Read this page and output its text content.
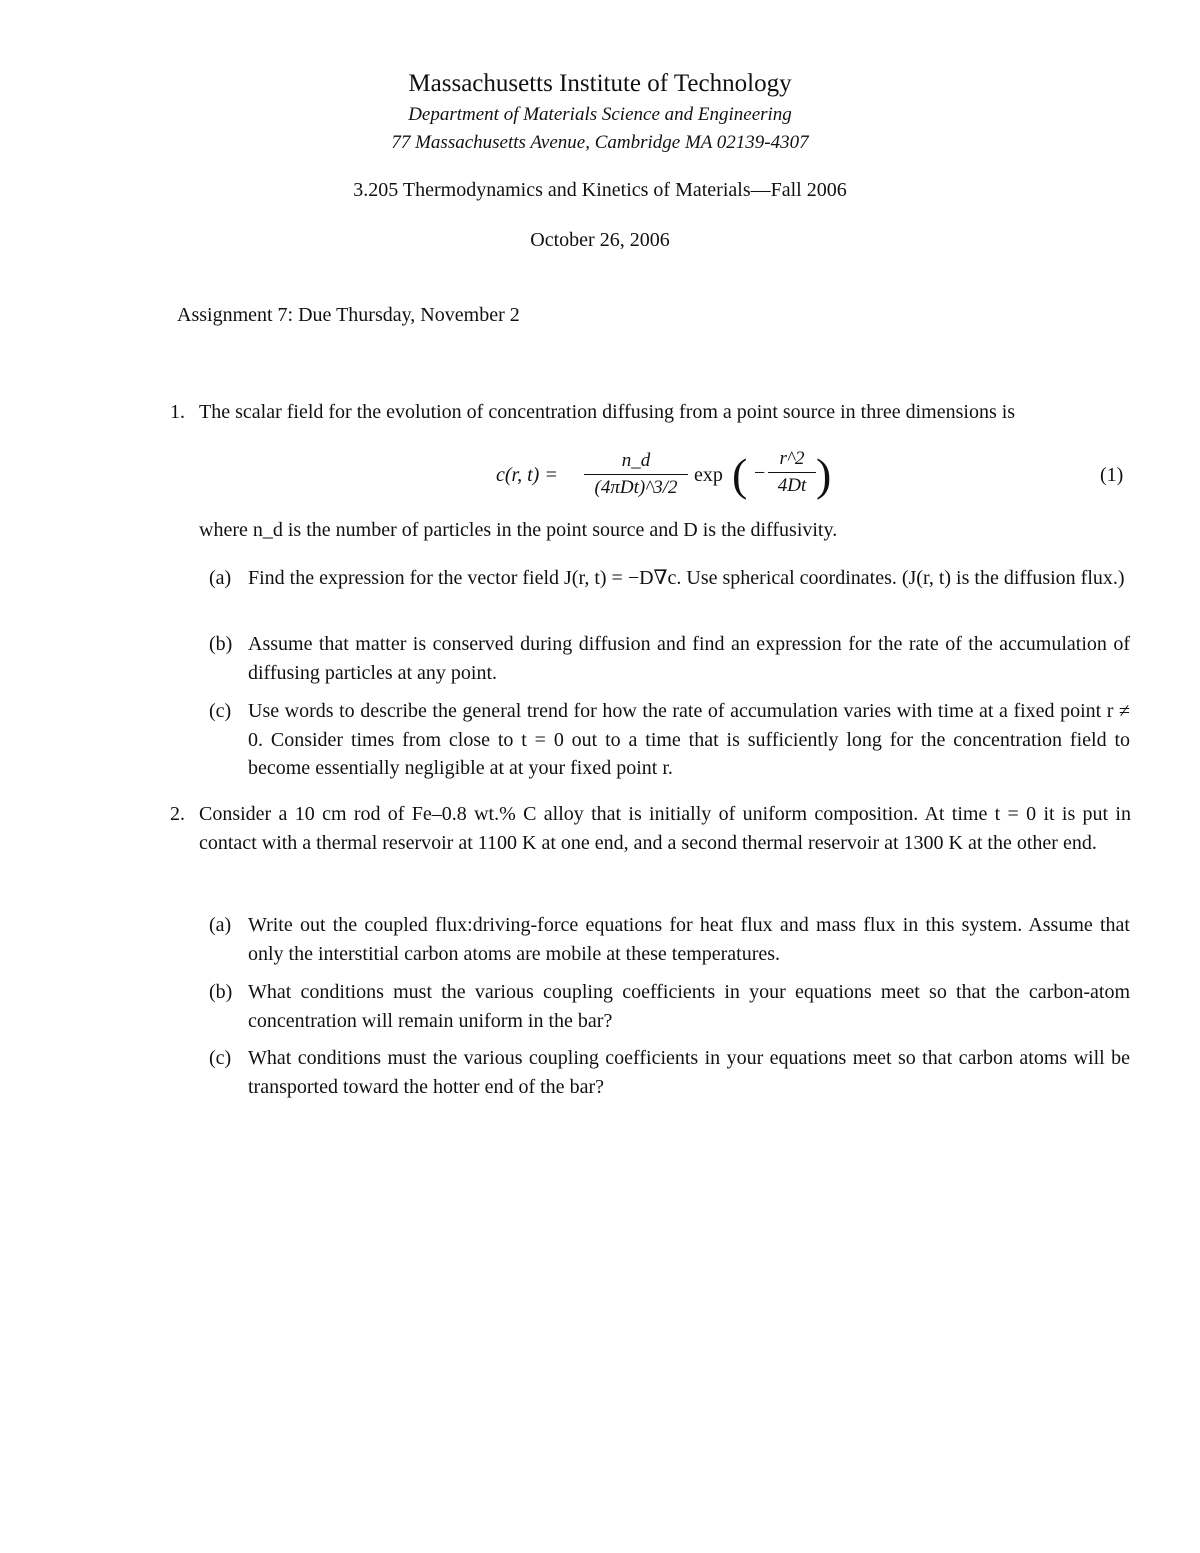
Massachusetts Institute of Technology
Department of Materials Science and Engineering
77 Massachusetts Avenue, Cambridge MA 02139-4307
3.205 Thermodynamics and Kinetics of Materials—Fall 2006
October 26, 2006
Assignment 7: Due Thursday, November 2
1. The scalar field for the evolution of concentration diffusing from a point source in three dimensions is
c(r, t) =
n_d
(4πDt)^3/2
exp ( −
r^2
4Dt )	(1)
where n_d is the number of particles in the point source and D is the diffusivity.
(a) Find the expression for the vector field J(r, t) = −D∇c. Use spherical coordinates. (J(r, t) is the diffusion flux.)
(b) Assume that matter is conserved during diffusion and find an expression for the rate of the accumulation of diffusing particles at any point.
(c) Use words to describe the general trend for how the rate of accumulation varies with time at a fixed point r ≠ 0. Consider times from close to t = 0 out to a time that is sufficiently long for the concentration field to become essentially negligible at at your fixed point r.
2. Consider a 10 cm rod of Fe–0.8 wt.% C alloy that is initially of uniform composition. At time t = 0 it is put in contact with a thermal reservoir at 1100 K at one end, and a second thermal reservoir at 1300 K at the other end.
(a) Write out the coupled flux:driving-force equations for heat flux and mass flux in this system. Assume that only the interstitial carbon atoms are mobile at these temperatures.
(b) What conditions must the various coupling coefficients in your equations meet so that the carbon-atom concentration will remain uniform in the bar?
(c) What conditions must the various coupling coefficients in your equations meet so that carbon atoms will be transported toward the hotter end of the bar?
